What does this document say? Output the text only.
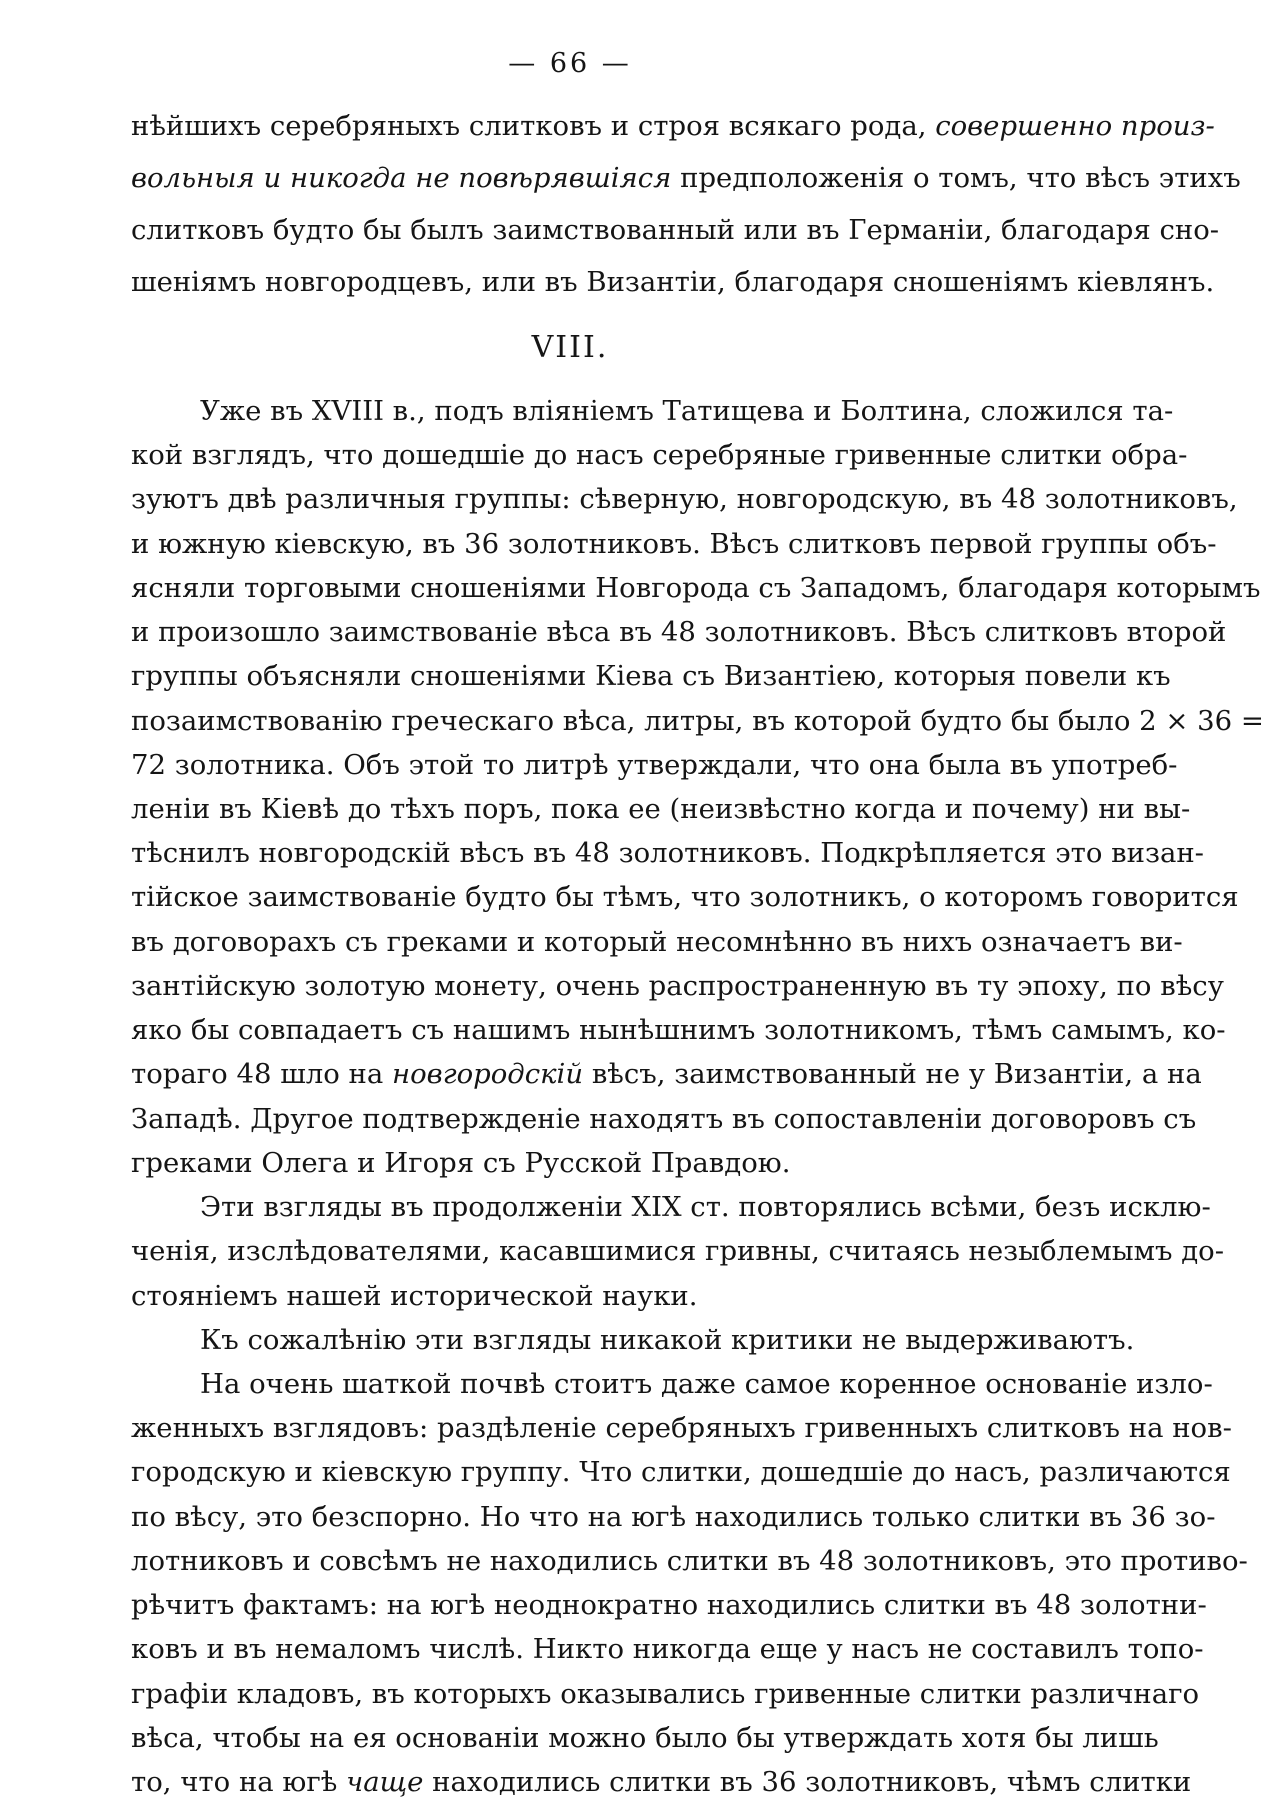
— 66 —
нѣйшихъ серебряныхъ слитковъ и строя всякаго рода, совершенно произ-
вольныя и никогда не повѣрявшіяся предположенія о томъ, что вѣсъ этихъ
слитковъ будто бы былъ заимствованный или въ Германіи, благодаря сно-
шеніямъ новгородцевъ, или въ Византіи, благодаря сношеніямъ кіевлянъ.
VIII.
Уже въ XVIII в., подъ вліяніемъ Татищева и Болтина, сложился та-
кой взглядъ, что дошедшіе до насъ серебряные гривенные слитки обра-
зуютъ двѣ различныя группы: сѣверную, новгородскую, въ 48 золотниковъ,
и южную кіевскую, въ 36 золотниковъ. Вѣсъ слитковъ первой группы объ-
ясняли торговыми сношеніями Новгорода съ Западомъ, благодаря которымъ
и произошло заимствованіе вѣса въ 48 золотниковъ. Вѣсъ слитковъ второй
группы объясняли сношеніями Кіева съ Византіею, которыя повели къ
позаимствованію греческаго вѣса, литры, въ которой будто бы было 2 × 36 =
72 золотника. Объ этой то литрѣ утверждали, что она была въ употреб-
леніи въ Кіевѣ до тѣхъ поръ, пока ее (неизвѣстно когда и почему) ни вы-
тѣснилъ новгородскій вѣсъ въ 48 золотниковъ. Подкрѣпляется это визан-
тійское заимствованіе будто бы тѣмъ, что золотникъ, о которомъ говорится
въ договорахъ съ греками и который несомнѣнно въ нихъ означаетъ ви-
зантійскую золотую монету, очень распространенную въ ту эпоху, по вѣсу
яко бы совпадаетъ съ нашимъ нынѣшнимъ золотникомъ, тѣмъ самымъ, ко-
тораго 48 шло на новгородскій вѣсъ, заимствованный не у Византіи, а на
Западѣ. Другое подтвержденіе находятъ въ сопоставленіи договоровъ съ
греками Олега и Игоря съ Русской Правдою.
Эти взгляды въ продолженіи XIX ст. повторялись всѣми, безъ исклю-
ченія, изслѣдователями, касавшимися гривны, считаясь незыблемымъ до-
стояніемъ нашей исторической науки.
Къ сожалѣнію эти взгляды никакой критики не выдерживаютъ.
На очень шаткой почвѣ стоитъ даже самое коренное основаніе изло-
женныхъ взглядовъ: раздѣленіе серебряныхъ гривенныхъ слитковъ на нов-
городскую и кіевскую группу. Что слитки, дошедшіе до насъ, различаются
по вѣсу, это безспорно. Но что на югѣ находились только слитки въ 36 зо-
лотниковъ и совсѣмъ не находились слитки въ 48 золотниковъ, это противо-
рѣчитъ фактамъ: на югѣ неоднократно находились слитки въ 48 золотни-
ковъ и въ немаломъ числѣ. Никто никогда еще у насъ не составилъ топо-
графіи кладовъ, въ которыхъ оказывались гривенные слитки различнаго
вѣса, чтобы на ея основаніи можно было бы утверждать хотя бы лишь
то, что на югѣ чаще находились слитки въ 36 золотниковъ, чѣмъ слитки
